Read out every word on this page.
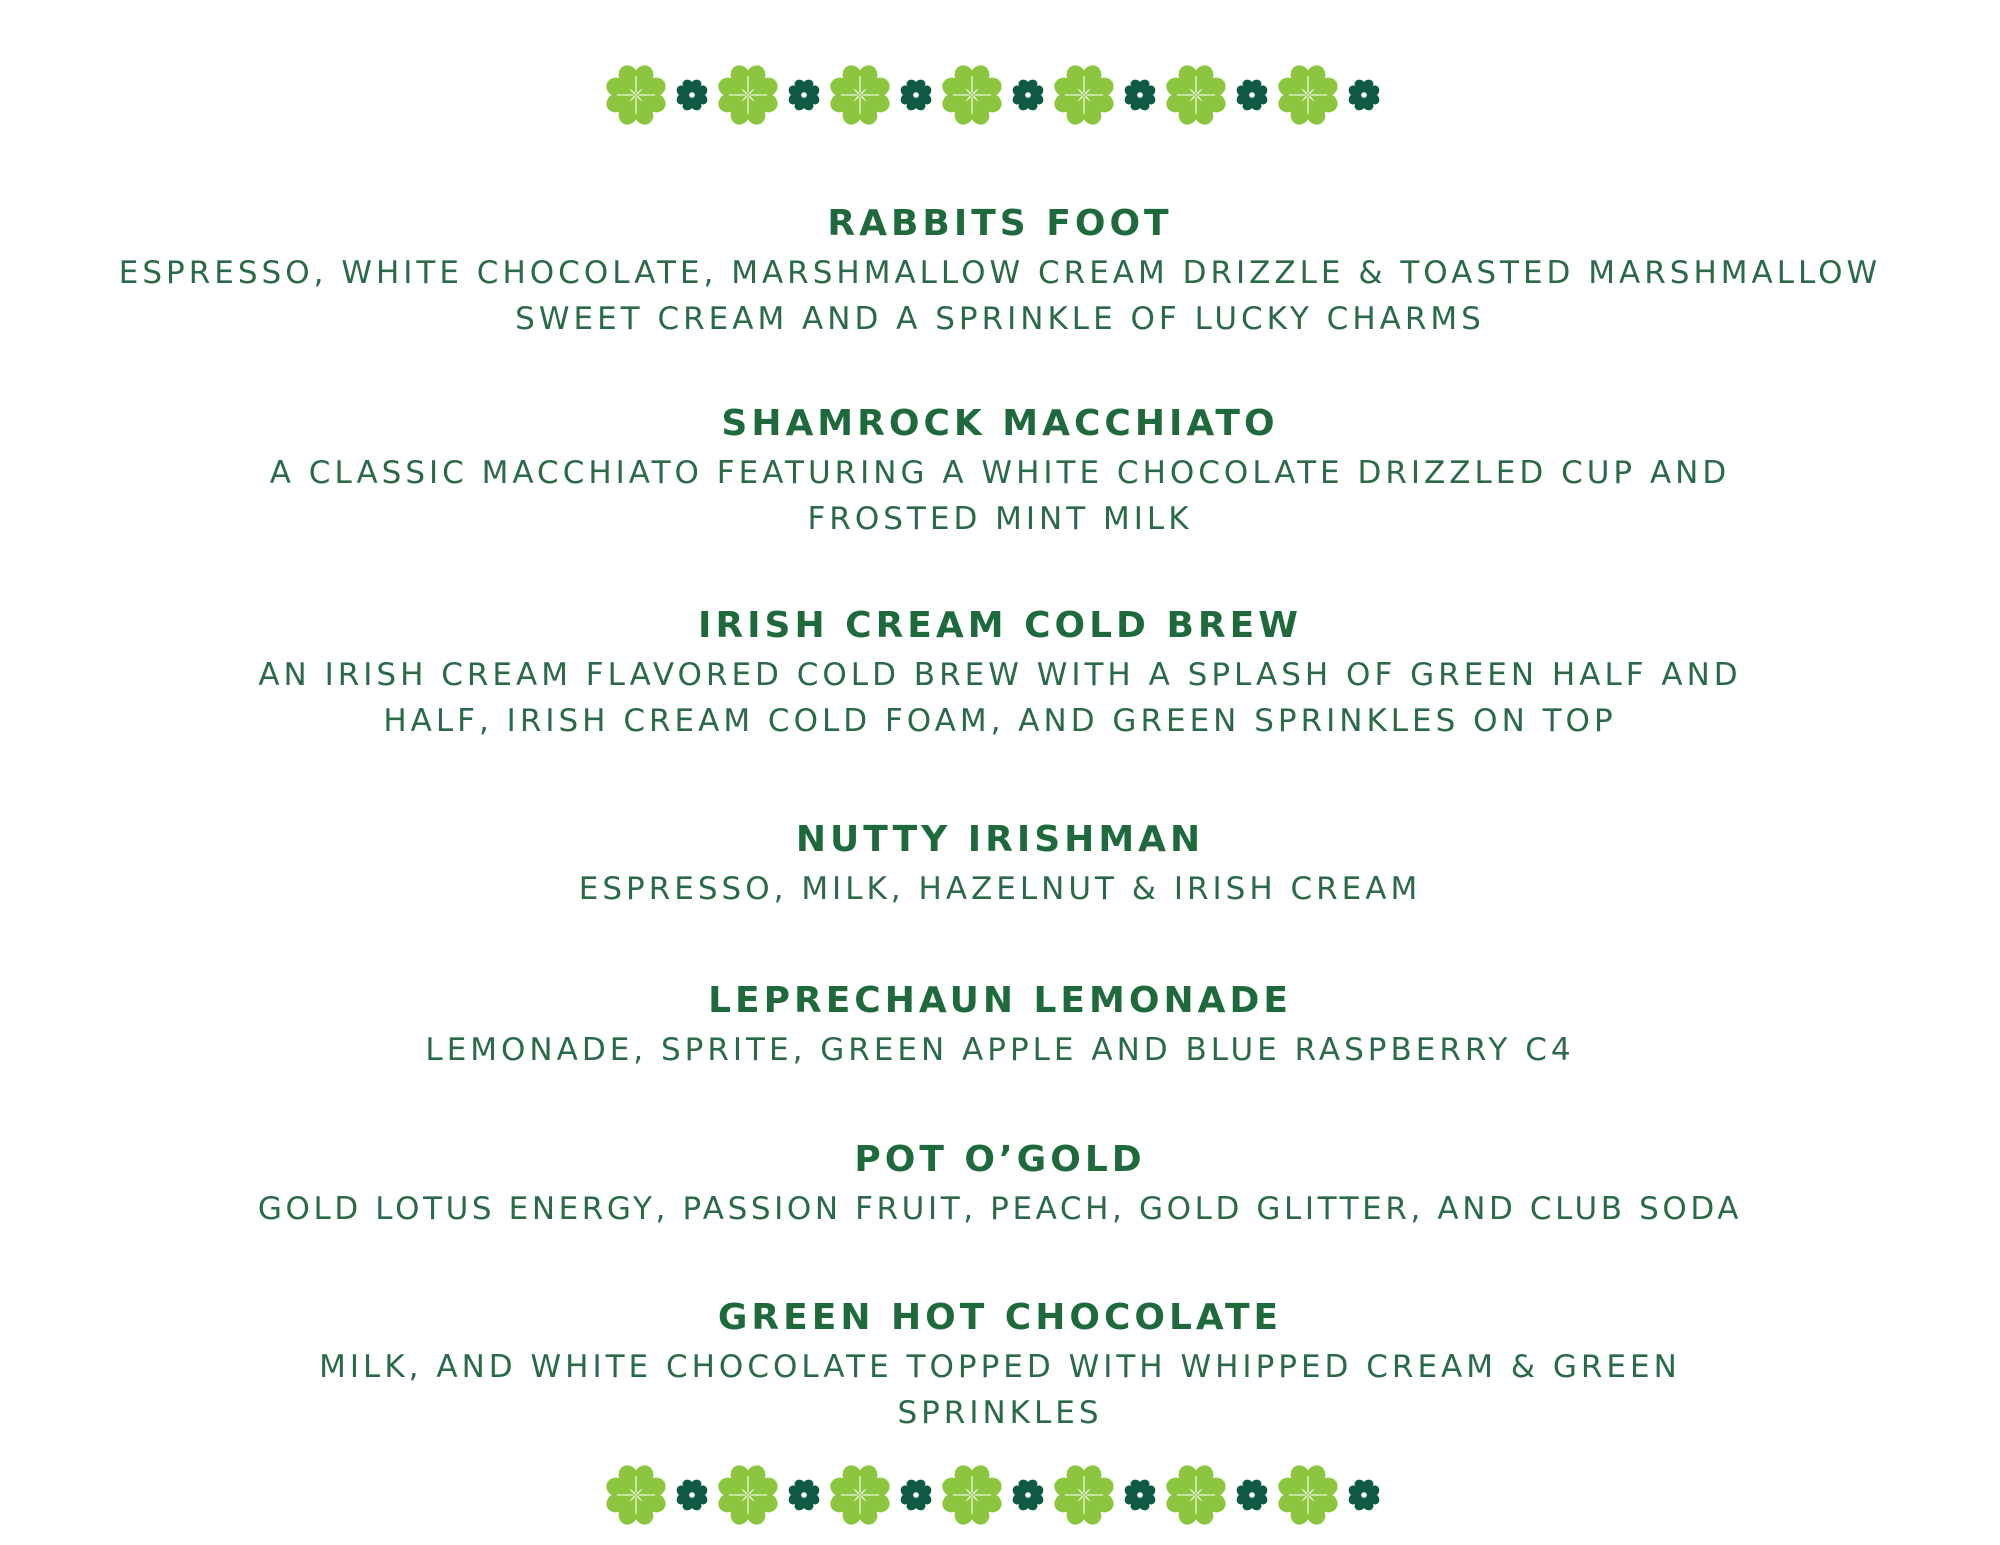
RABBITS FOOT
ESPRESSO, WHITE CHOCOLATE, MARSHMALLOW CREAM DRIZZLE & TOASTED MARSHMALLOW SWEET CREAM AND A SPRINKLE OF LUCKY CHARMS
SHAMROCK MACCHIATO
A CLASSIC MACCHIATO FEATURING A WHITE CHOCOLATE DRIZZLED CUP AND FROSTED MINT MILK
IRISH CREAM COLD BREW
AN IRISH CREAM FLAVORED COLD BREW WITH A SPLASH OF GREEN HALF AND HALF, IRISH CREAM COLD FOAM, AND GREEN SPRINKLES ON TOP
NUTTY IRISHMAN
ESPRESSO, MILK, HAZELNUT & IRISH CREAM
LEPRECHAUN LEMONADE
LEMONADE, SPRITE, GREEN APPLE AND BLUE RASPBERRY C4
POT O’GOLD
GOLD LOTUS ENERGY, PASSION FRUIT, PEACH, GOLD GLITTER, AND CLUB SODA
GREEN HOT CHOCOLATE
MILK, AND WHITE CHOCOLATE TOPPED WITH WHIPPED CREAM & GREEN SPRINKLES
